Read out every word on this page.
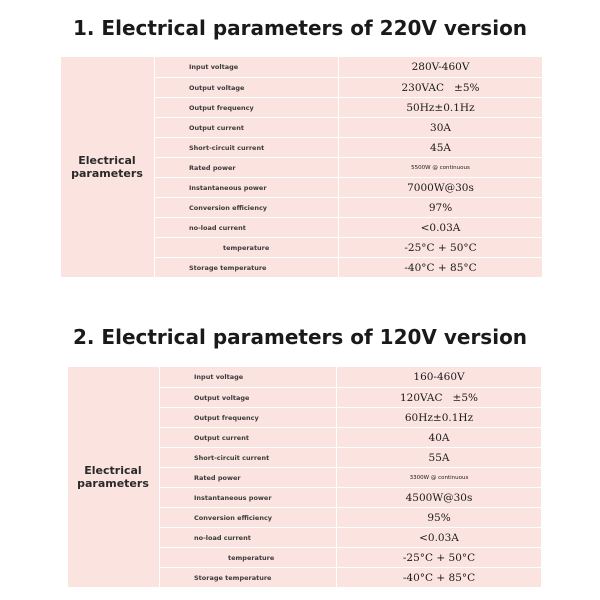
1. Electrical parameters of 220V version
Electrical
parameters
Input voltage	280V-460V
Output voltage	230VAC   ±5%
Output frequency	50Hz±0.1Hz
Output current	30A
Short-circuit current	45A
Rated power	5500W @ continuous
Instantaneous power	7000W@30s
Conversion efficiency	97%
no-load current	<0.03A
temperature	-25°C + 50°C
Storage temperature	-40°C + 85°C
2. Electrical parameters of 120V version
Electrical
parameters
Input voltage	160-460V
Output voltage	120VAC   ±5%
Output frequency	60Hz±0.1Hz
Output current	40A
Short-circuit current	55A
Rated power	3300W @ continuous
Instantaneous power	4500W@30s
Conversion efficiency	95%
no-load current	<0.03A
temperature	-25°C + 50°C
Storage temperature	-40°C + 85°C
